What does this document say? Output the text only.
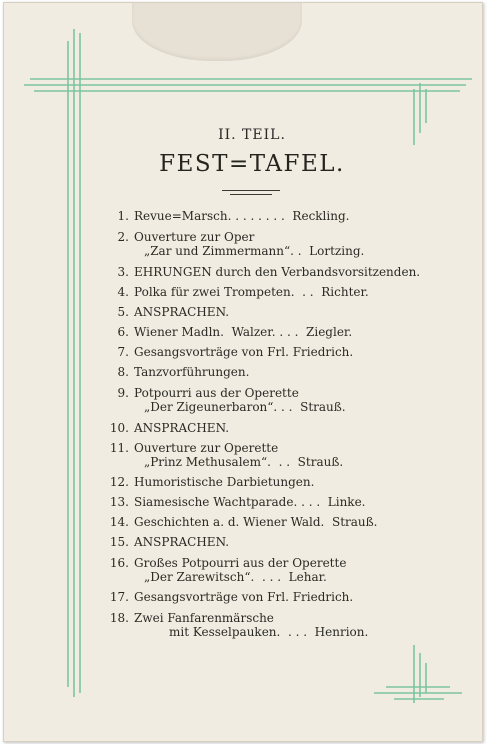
II. TEIL.
FEST=TAFEL.
1. Revue=Marsch. . . . . . . .  Reckling.
2. Ouverture zur Oper
„Zar und Zimmermann“. .  Lortzing.
3. EHRUNGEN durch den Verbandsvorsitzenden.
4. Polka für zwei Trompeten.  . .  Richter.
5. ANSPRACHEN.
6. Wiener Madln.  Walzer. . . .  Ziegler.
7. Gesangsvorträge von Frl. Friedrich.
8. Tanzvorführungen.
9. Potpourri aus der Operette
„Der Zigeunerbaron“. . .  Strauß.
10. ANSPRACHEN.
11. Ouverture zur Operette
„Prinz Methusalem“.  . .  Strauß.
12. Humoristische Darbietungen.
13. Siamesische Wachtparade. . . .  Linke.
14. Geschichten a. d. Wiener Wald.  Strauß.
15. ANSPRACHEN.
16. Großes Potpourri aus der Operette
„Der Zarewitsch“.  . . .  Lehar.
17. Gesangsvorträge von Frl. Friedrich.
18. Zwei Fanfarenmärsche
mit Kesselpauken.  . . .  Henrion.
